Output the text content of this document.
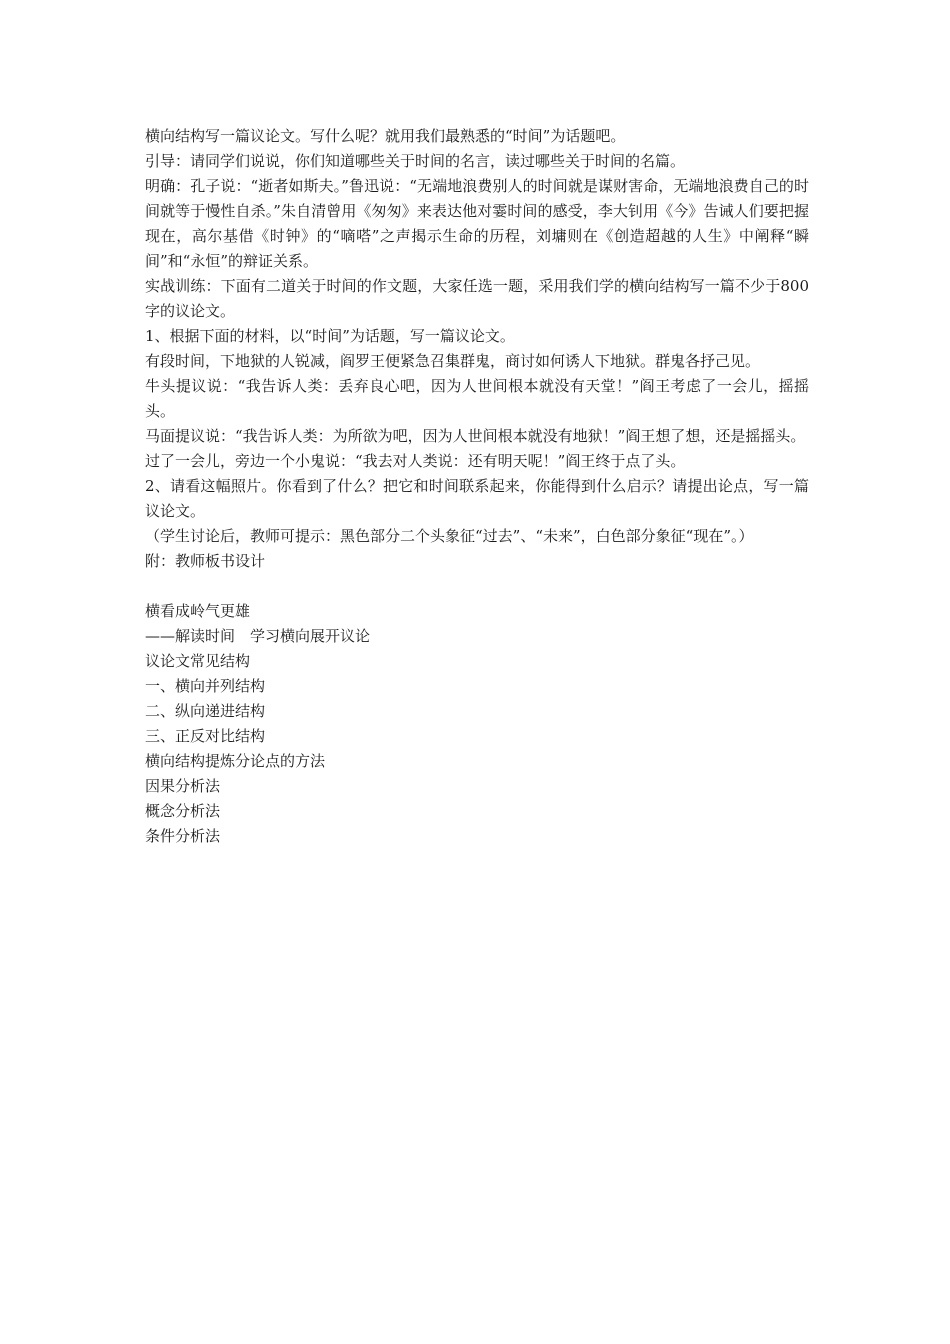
横向结构写一篇议论文。写什么呢？就用我们最熟悉的“时间”为话题吧。

引导：请同学们说说，你们知道哪些关于时间的名言，读过哪些关于时间的名篇。

明确：孔子说：“逝者如斯夫。”鲁迅说：“无端地浪费别人的时间就是谋财害命，无端地浪费自己的时间就等于慢性自杀。”朱自清曾用《匆匆》来表达他对霎时间的感受，李大钊用《今》告诫人们要把握现在，高尔基借《时钟》的“嘀嗒”之声揭示生命的历程，刘墉则在《创造超越的人生》中阐释“瞬间”和“永恒”的辩证关系。

实战训练：下面有二道关于时间的作文题，大家任选一题，采用我们学的横向结构写一篇不少于800字的议论文。

1、根据下面的材料，以“时间”为话题，写一篇议论文。

有段时间，下地狱的人锐减，阎罗王便紧急召集群鬼，商讨如何诱人下地狱。群鬼各抒己见。

牛头提议说：“我告诉人类：丢弃良心吧，因为人世间根本就没有天堂！”阎王考虑了一会儿，摇摇头。

马面提议说：“我告诉人类：为所欲为吧，因为人世间根本就没有地狱！”阎王想了想，还是摇摇头。

过了一会儿，旁边一个小鬼说：“我去对人类说：还有明天呢！”阎王终于点了头。

2、请看这幅照片。你看到了什么？把它和时间联系起来，你能得到什么启示？请提出论点，写一篇议论文。

（学生讨论后，教师可提示：黑色部分二个头象征“过去”、“未来”，白色部分象征“现在”。）

附：教师板书设计

横看成岭气更雄

——解读时间　学习横向展开议论

议论文常见结构

一、横向并列结构

二、纵向递进结构

三、正反对比结构

横向结构提炼分论点的方法

因果分析法

概念分析法

条件分析法
